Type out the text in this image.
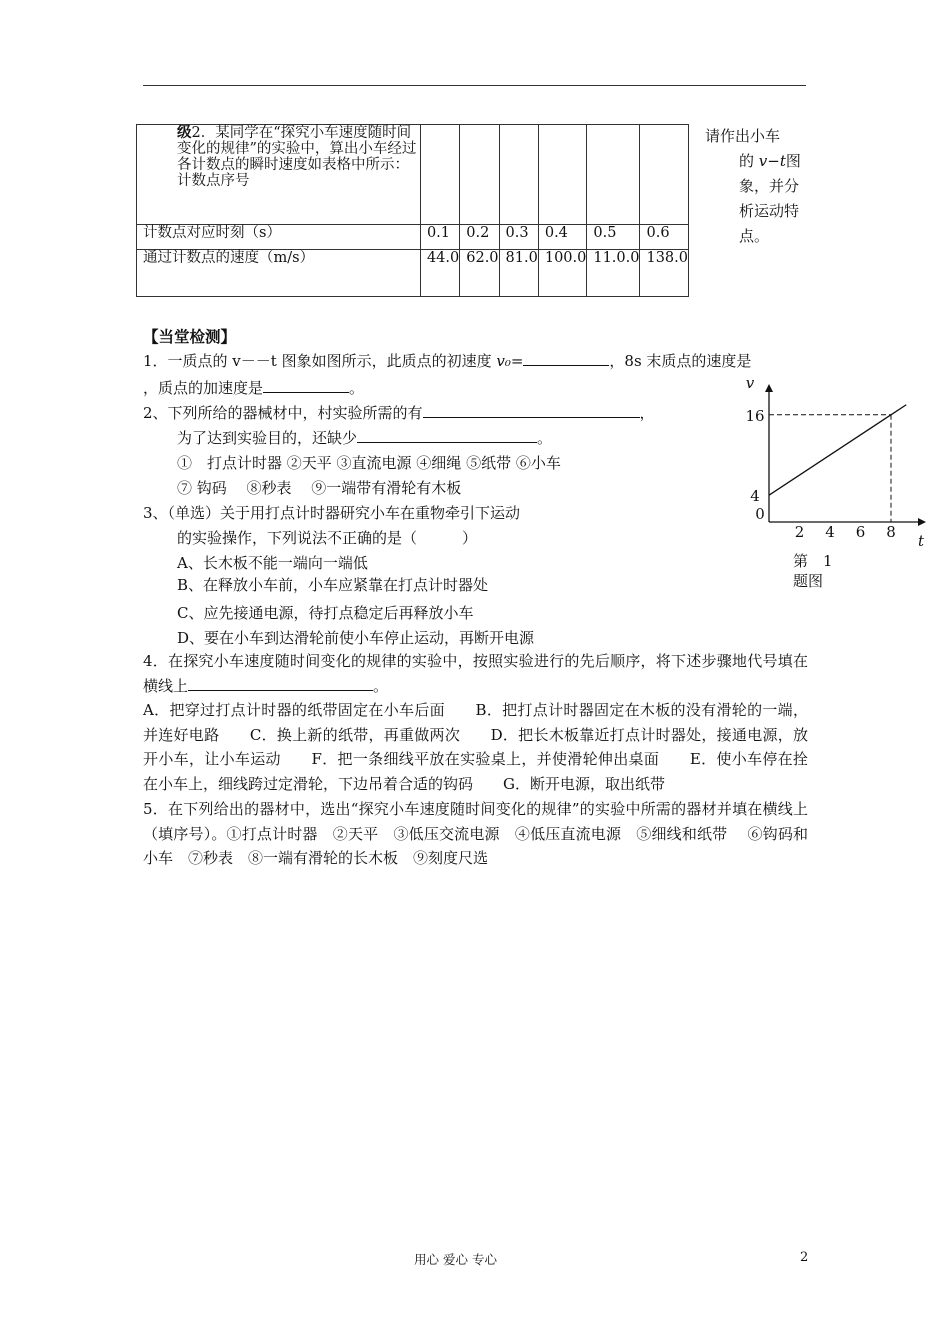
级2．某同学在“探究小车速度随时间变化的规律”的实验中，算出小车经过各计数点的瞬时速度如表格中所示：计数点序号						
计数点对应时刻（s）	0.1	0.2	0.3	0.4	0.5	0.6
通过计数点的速度（m/s）	44.0	62.0	81.0	100.0	11.0.0	138.0
请作出小车
的 v−t图
象，并分
析运动特
点。
【当堂检测】
1．一质点的 v－－t 图象如图所示，此质点的初速度 v₀=	，8s 末质点的速度是
，质点的加速度是	。
2、下列所给的器械材中，村实验所需的有	，
为了达到实验目的，还缺少	。
①　打点计时器 ②天平 ③直流电源 ④细绳 ⑤纸带 ⑥小车
⑦ 钩码　 ⑧秒表　 ⑨一端带有滑轮有木板
3、（单选）关于用打点计时器研究小车在重物牵引下运动
的实验操作，下列说法不正确的是（　　　）
A、长木板不能一端向一端低
B、在释放小车前，小车应紧靠在打点计时器处
C、应先接通电源，待打点稳定后再释放小车
D、要在小车到达滑轮前使小车停止运动，再断开电源
4．在探究小车速度随时间变化的规律的实验中，按照实验进行的先后顺序，将下述步骤地代号填在横线上	。
A．把穿过打点计时器的纸带固定在小车后面　　B．把打点计时器固定在木板的没有滑轮的一端，并连好电路　　C．换上新的纸带，再重做两次　　D．把长木板靠近打点计时器处，接通电源，放开小车，让小车运动　　F．把一条细线平放在实验桌上，并使滑轮伸出桌面　　E．使小车停在拴在小车上，细线跨过定滑轮，下边吊着合适的钩码　　G．断开电源，取出纸带
5．在下列给出的器材中，选出“探究小车速度随时间变化的规律”的实验中所需的器材并填在横线上（填序号）。①打点计时器　②天平　③低压交流电源　④低压直流电源　⑤细线和纸带　 ⑥钩码和小车　⑦秒表　⑧一端有滑轮的长木板　⑨刻度尺选
v
t
0
2 4 6 8
4
16
第　1
题图
用心 爱心 专心	2
